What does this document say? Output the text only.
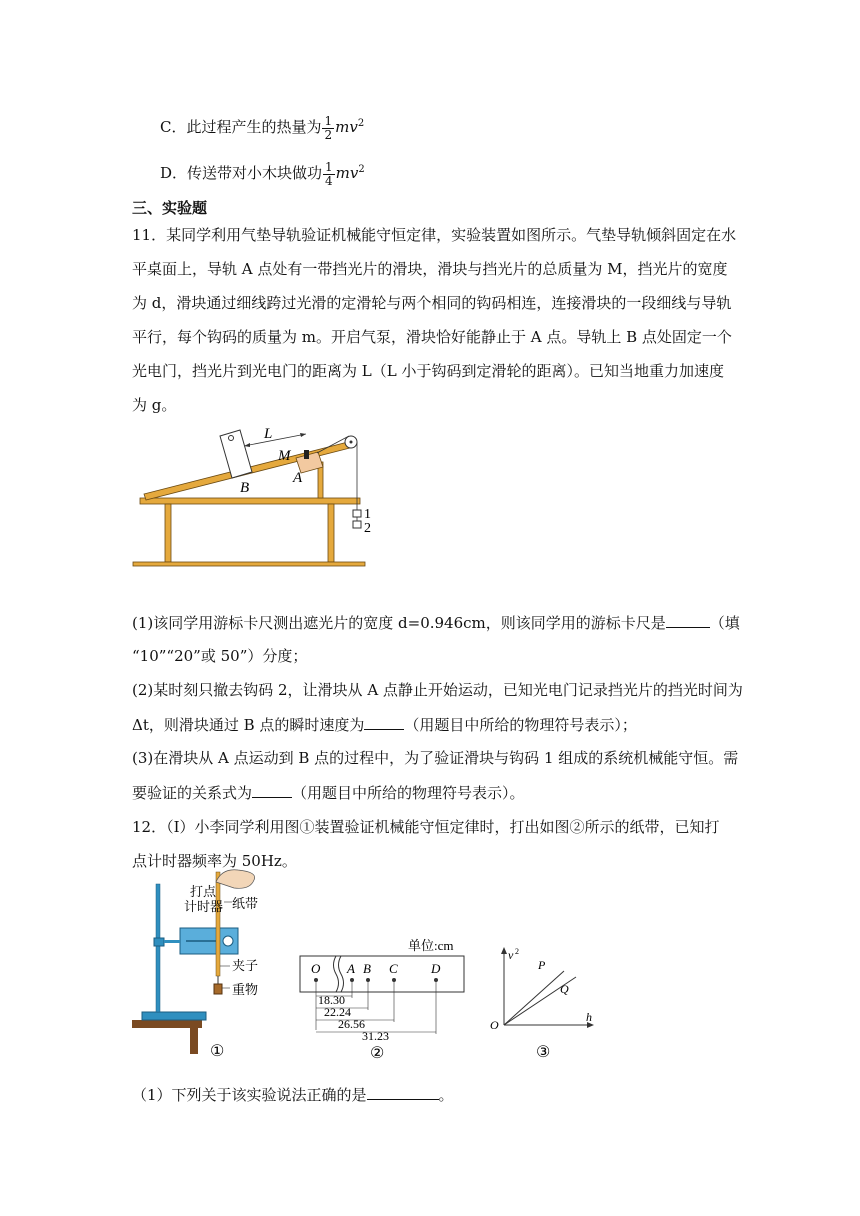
C．此过程产生的热量为 $\frac{1}{2} mv^2$
D．传送带对小木块做功 $\frac{1}{4} mv^2$
三、实验题
11．某同学利用气垫导轨验证机械能守恒定律，实验装置如图所示。气垫导轨倾斜固定在水
平桌面上，导轨 A 点处有一带挡光片的滑块，滑块与挡光片的总质量为 M，挡光片的宽度
为 d，滑块通过细线跨过光滑的定滑轮与两个相同的钩码相连，连接滑块的一段细线与导轨
平行，每个钩码的质量为 m。开启气泵，滑块恰好能静止于 A 点。导轨上 B 点处固定一个
光电门，挡光片到光电门的距离为 L（L 小于钩码到定滑轮的距离）。已知当地重力加速度
为 g。
L
M
A
B
1
2
(1)该同学用游标卡尺测出遮光片的宽度 d=0.946cm，则该同学用的游标卡尺是	（填
“10”“20”或 50”）分度；
(2)某时刻只撤去钩码 2，让滑块从 A 点静止开始运动，已知光电门记录挡光片的挡光时间为
Δt，则滑块通过 B 点的瞬时速度为	（用题目中所给的物理符号表示）；
(3)在滑块从 A 点运动到 B 点的过程中，为了验证滑块与钩码 1 组成的系统机械能守恒。需
要验证的关系式为	（用题目中所给的物理符号表示）。
12．（Ⅰ）小李同学利用图①装置验证机械能守恒定律时，打出如图②所示的纸带，已知打
点计时器频率为 50Hz。
打点
计时器 纸带
夹子
重物
①
单位:cm
O A B C	D
18.30
22.24
26.56
31.23
②
v 2
h
O
P
Q
③
（1）下列关于该实验说法正确的是	。
